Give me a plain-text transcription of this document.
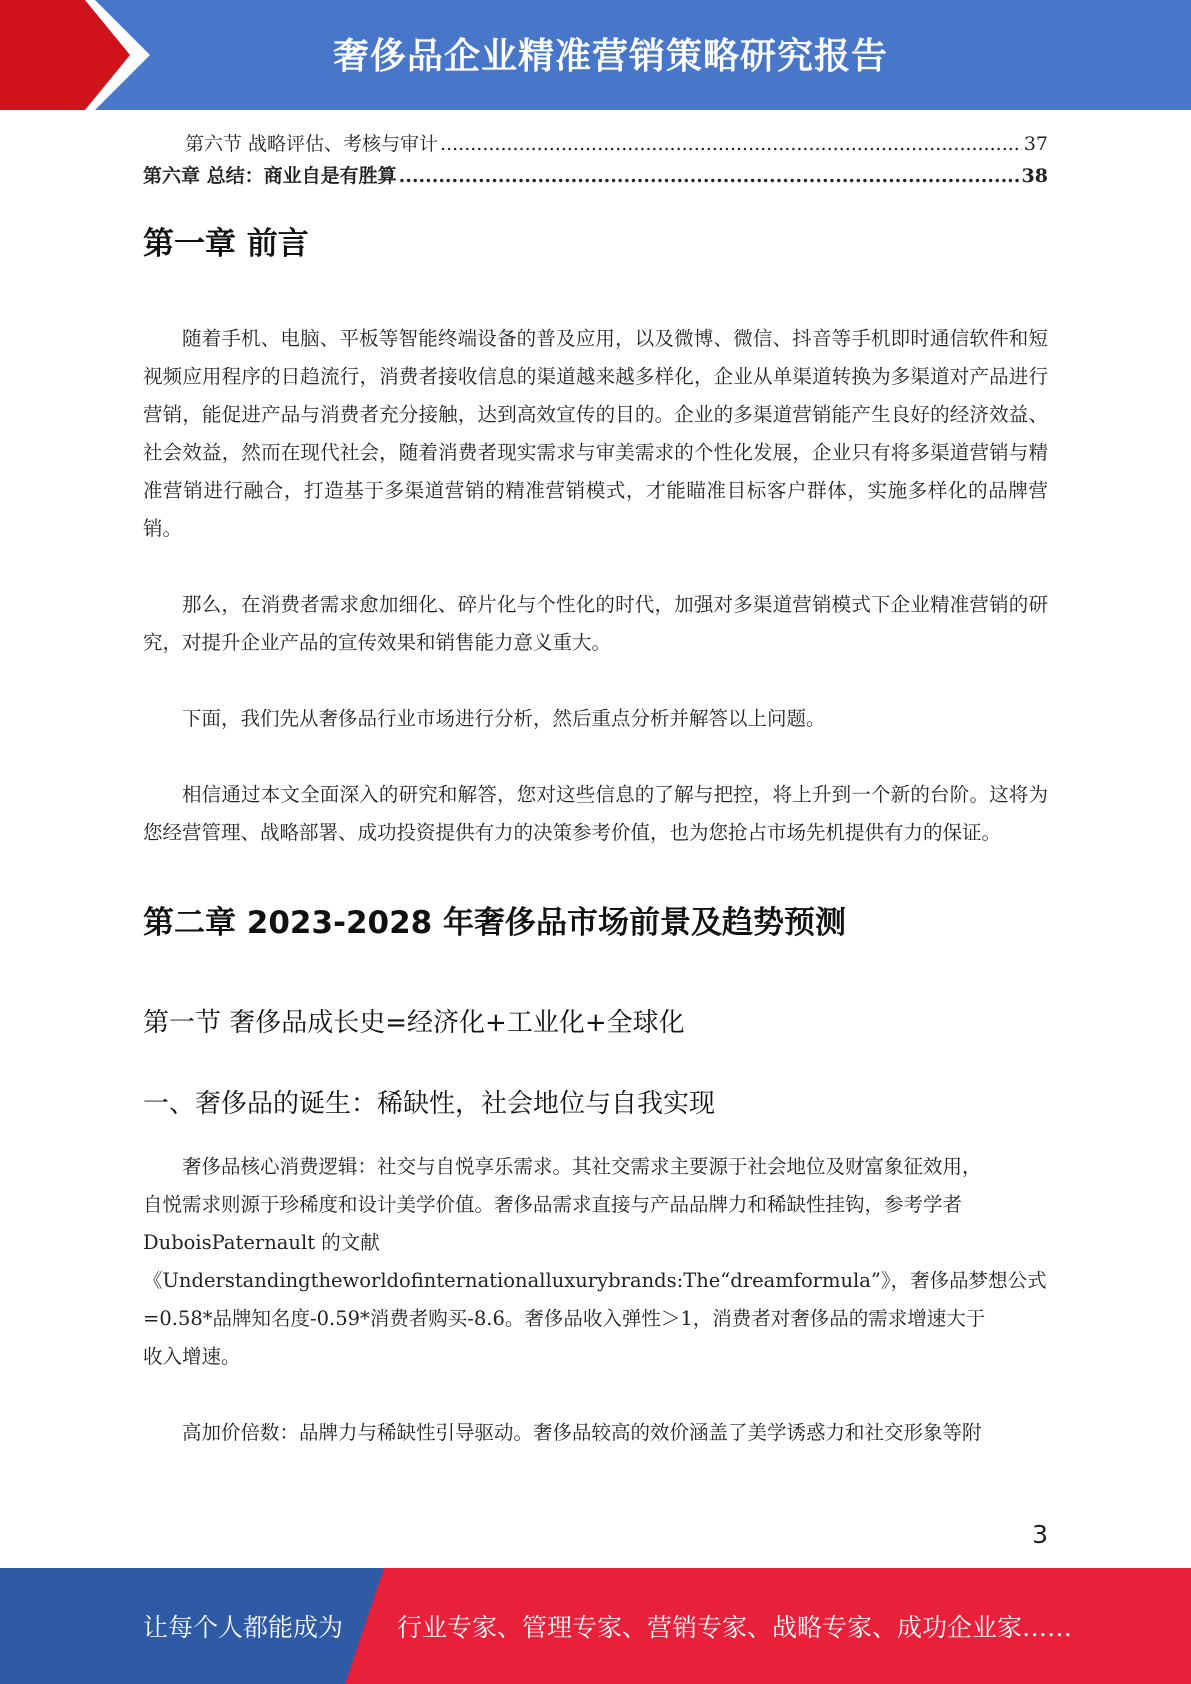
奢侈品企业精准营销策略研究报告
第六节 战略评估、考核与审计 .....	37
第六章 总结：商业自是有胜算 .....	38
第一章 前言

随着手机、电脑、平板等智能终端设备的普及应用，以及微博、微信、抖音等手机即时通信软件和短视频应用程序的日趋流行，消费者接收信息的渠道越来越多样化，企业从单渠道转换为多渠道对产品进行营销，能促进产品与消费者充分接触，达到高效宣传的目的。企业的多渠道营销能产生良好的经济效益、社会效益，然而在现代社会，随着消费者现实需求与审美需求的个性化发展，企业只有将多渠道营销与精准营销进行融合，打造基于多渠道营销的精准营销模式，才能瞄准目标客户群体，实施多样化的品牌营销。

那么，在消费者需求愈加细化、碎片化与个性化的时代，加强对多渠道营销模式下企业精准营销的研究，对提升企业产品的宣传效果和销售能力意义重大。

下面，我们先从奢侈品行业市场进行分析，然后重点分析并解答以上问题。

相信通过本文全面深入的研究和解答，您对这些信息的了解与把控，将上升到一个新的台阶。这将为您经营管理、战略部署、成功投资提供有力的决策参考价值，也为您抢占市场先机提供有力的保证。

第二章 2023-2028 年奢侈品市场前景及趋势预测
第一节 奢侈品成长史=经济化+工业化+全球化
一、奢侈品的诞生：稀缺性，社会地位与自我实现
奢侈品核心消费逻辑：社交与自悦享乐需求。其社交需求主要源于社会地位及财富象征效用，
自悦需求则源于珍稀度和设计美学价值。奢侈品需求直接与产品品牌力和稀缺性挂钩，参考学者
DuboisPaternault 的文献
《Understandingtheworldofinternationalluxurybrands:The“dreamformula”》，奢侈品梦想公式
=0.58*品牌知名度-0.59*消费者购买-8.6。奢侈品收入弹性＞1，消费者对奢侈品的需求增速大于
收入增速。
高加价倍数：品牌力与稀缺性引导驱动。奢侈品较高的效价涵盖了美学诱惑力和社交形象等附
3
让每个人都能成为 行业专家、管理专家、营销专家、战略专家、成功企业家……
